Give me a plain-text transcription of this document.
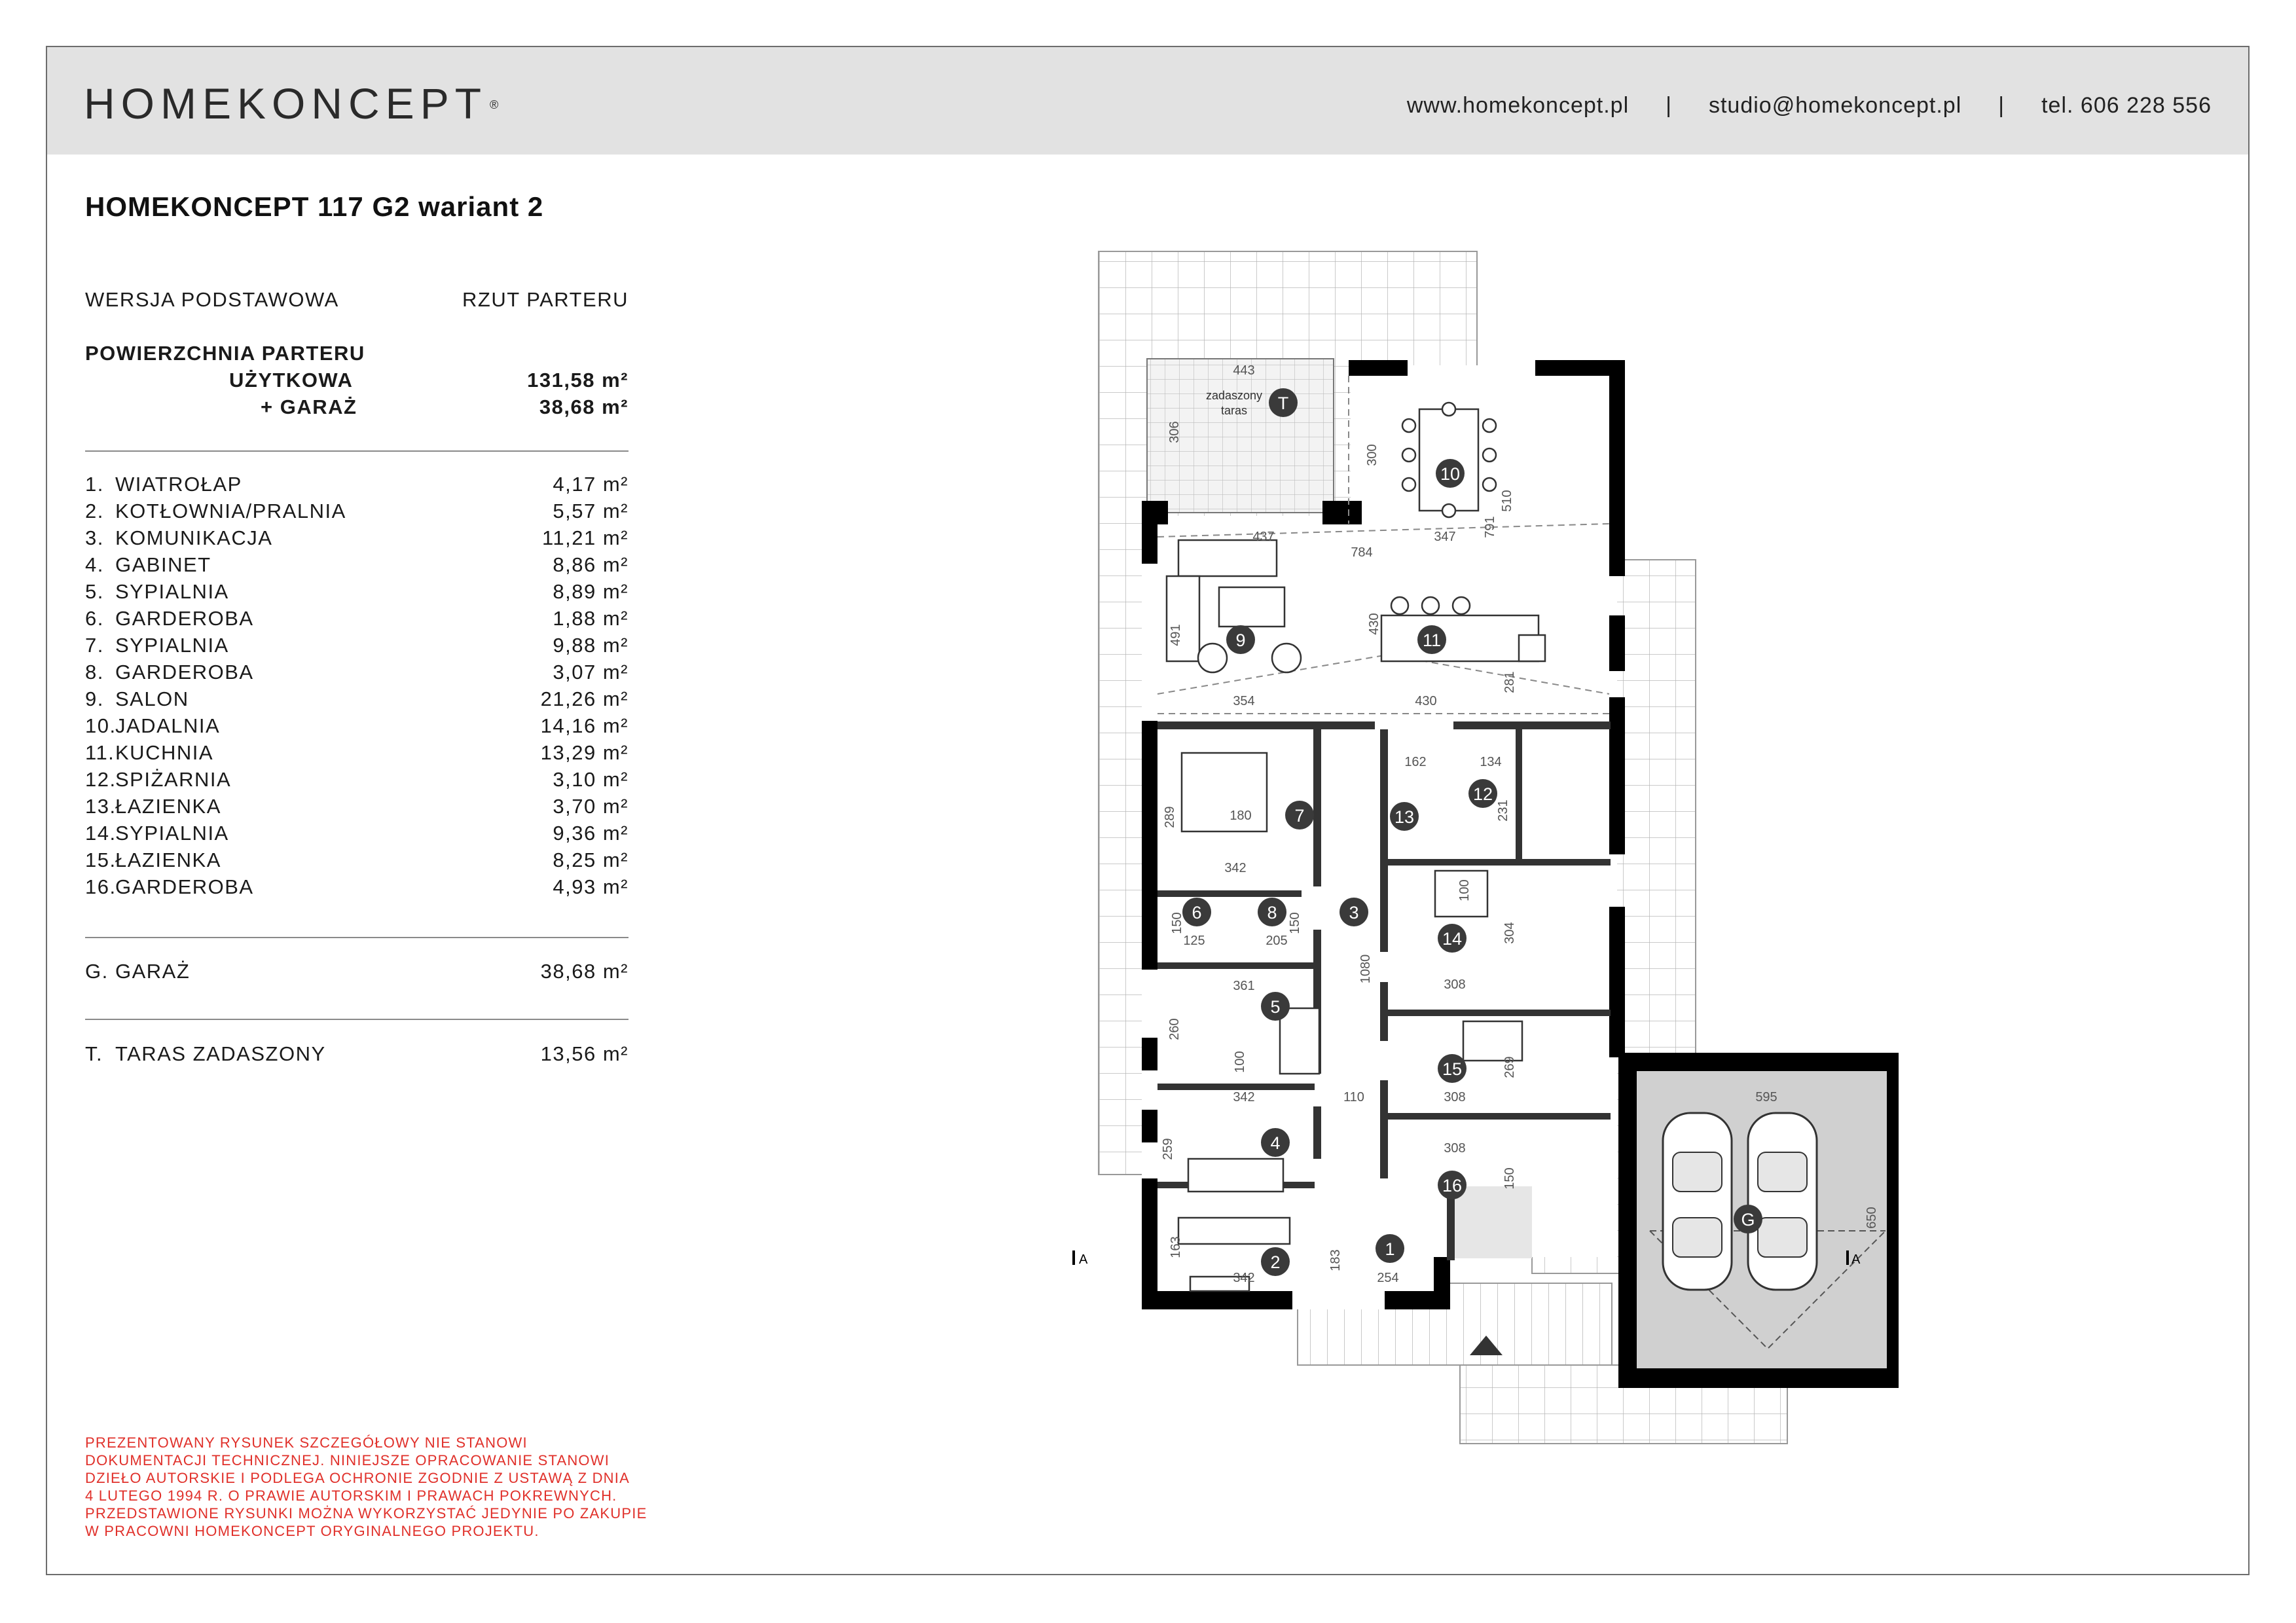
HOMEKONCEPT ®	www.homekoncept.pl | studio@homekoncept.pl | tel. 606 228 556
HOMEKONCEPT 117 G2 wariant 2
WERSJA PODSTAWOWA	RZUT PARTERU
POWIERZCHNIA PARTERU
UŻYTKOWA	131,58 m²
+ GARAŻ	38,68 m²
1. WIATROŁAP	4,17 m²
2. KOTŁOWNIA/PRALNIA	5,57 m²
3. KOMUNIKACJA	11,21 m²
4. GABINET	8,86 m²
5. SYPIALNIA	8,89 m²
6. GARDEROBA	1,88 m²
7. SYPIALNIA	9,88 m²
8. GARDEROBA	3,07 m²
9. SALON	21,26 m²
10.JADALNIA	14,16 m²
11.KUCHNIA	13,29 m²
12.SPIŻARNIA	3,10 m²
13.ŁAZIENKA	3,70 m²
14.SYPIALNIA	9,36 m²
15.ŁAZIENKA	8,25 m²
16.GARDEROBA	4,93 m²
G. GARAŻ	38,68 m²
T. TARAS ZADASZONY	13,56 m²
PREZENTOWANY RYSUNEK SZCZEGÓŁOWY NIE STANOWI
DOKUMENTACJI TECHNICZNEJ. NINIEJSZE OPRACOWANIE STANOWI
DZIEŁO AUTORSKIE I PODLEGA OCHRONIE ZGODNIE Z USTAWĄ Z DNIA
4 LUTEGO 1994 R. O PRAWIE AUTORSKIM I PRAWACH POKREWNYCH.
PRZEDSTAWIONE RYSUNKI MOŻNA WYKORZYSTAĆ JEDYNIE PO ZAKUPIE
W PRACOWNI HOMEKONCEPT ORYGINALNEGO PROJEKTU.
10
9	11
T
7	13
12
6	8	3
14
5
15
4
16
1
2
G
zadaszony
taras
443
306
300
437
784
347 791
510
491
430
281
354	430
162	134
180
289	231
342
100
304
150	150
125	205
1080
308
361
260
100	269
342	110	308	595
259	308
150
650
163
183
342	254
A	A
